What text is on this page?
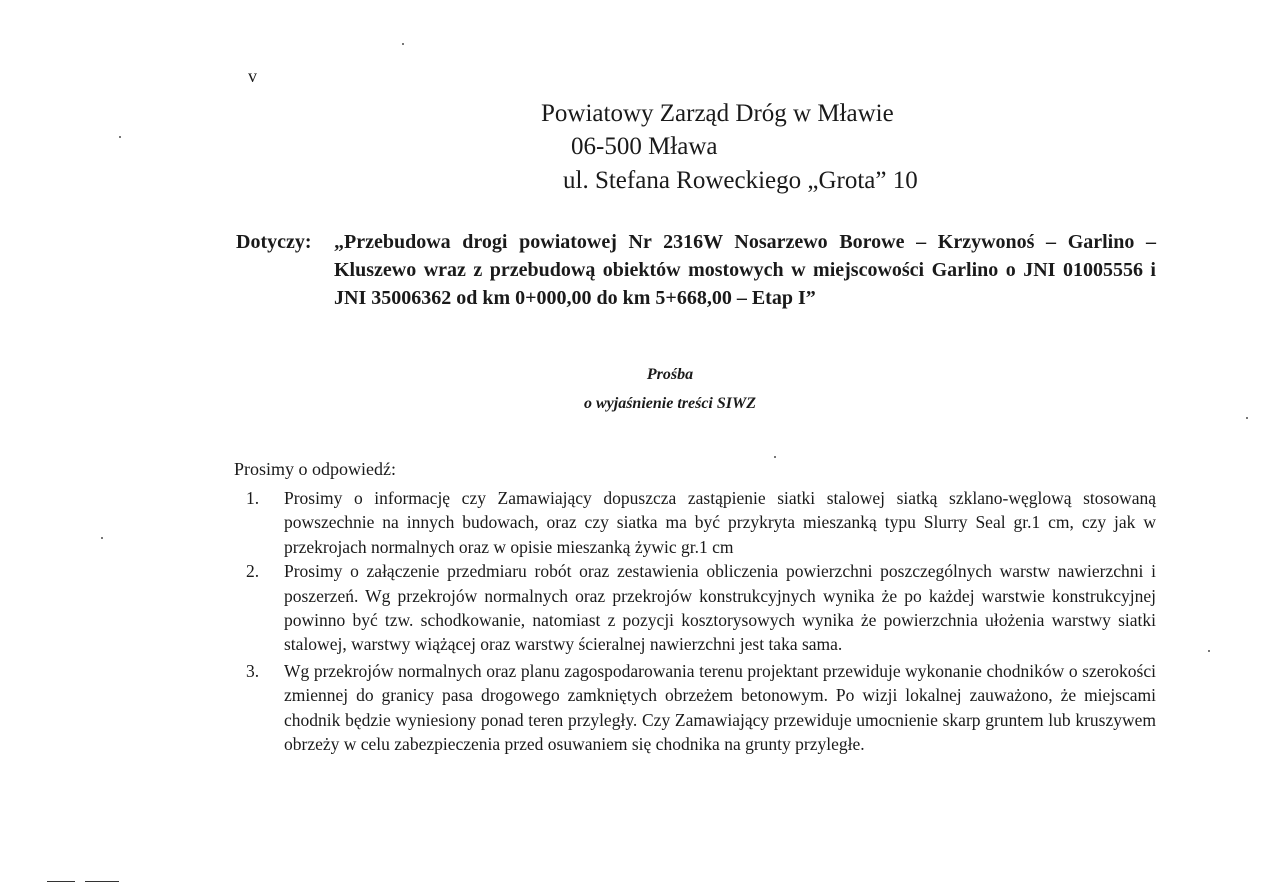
v
Powiatowy Zarząd Dróg w Mławie
06-500 Mława
ul. Stefana Roweckiego „Grota” 10
Dotyczy: „Przebudowa drogi powiatowej Nr 2316W Nosarzewo Borowe – Krzywonoś – Garlino – Kluszewo wraz z przebudową obiektów mostowych w miejscowości Garlino o JNI 01005556 i JNI 35006362 od km 0+000,00 do km 5+668,00 – Etap I”
Prośba
o wyjaśnienie treści SIWZ
Prosimy o odpowiedź:
1. Prosimy o informację czy Zamawiający dopuszcza zastąpienie siatki stalowej siatką szklano-węglową stosowaną powszechnie na innych budowach, oraz czy siatka ma być przykryta mieszanką typu Slurry Seal gr.1 cm, czy jak w przekrojach normalnych oraz w opisie mieszanką żywic gr.1 cm
2. Prosimy o załączenie przedmiaru robót oraz zestawienia obliczenia powierzchni poszczególnych warstw nawierzchni i poszerzeń. Wg przekrojów normalnych oraz przekrojów konstrukcyjnych wynika że po każdej warstwie konstrukcyjnej powinno być tzw. schodkowanie, natomiast z pozycji kosztorysowych wynika że powierzchnia ułożenia warstwy siatki stalowej, warstwy wiążącej oraz warstwy ścieralnej nawierzchni jest taka sama.
3. Wg przekrojów normalnych oraz planu zagospodarowania terenu projektant przewiduje wykonanie chodników o szerokości zmiennej do granicy pasa drogowego zamkniętych obrzeżem betonowym. Po wizji lokalnej zauważono, że miejscami chodnik będzie wyniesiony ponad teren przyległy. Czy Zamawiający przewiduje umocnienie skarp gruntem lub kruszywem obrzeży w celu zabezpieczenia przed osuwaniem się chodnika na grunty przyległe.
